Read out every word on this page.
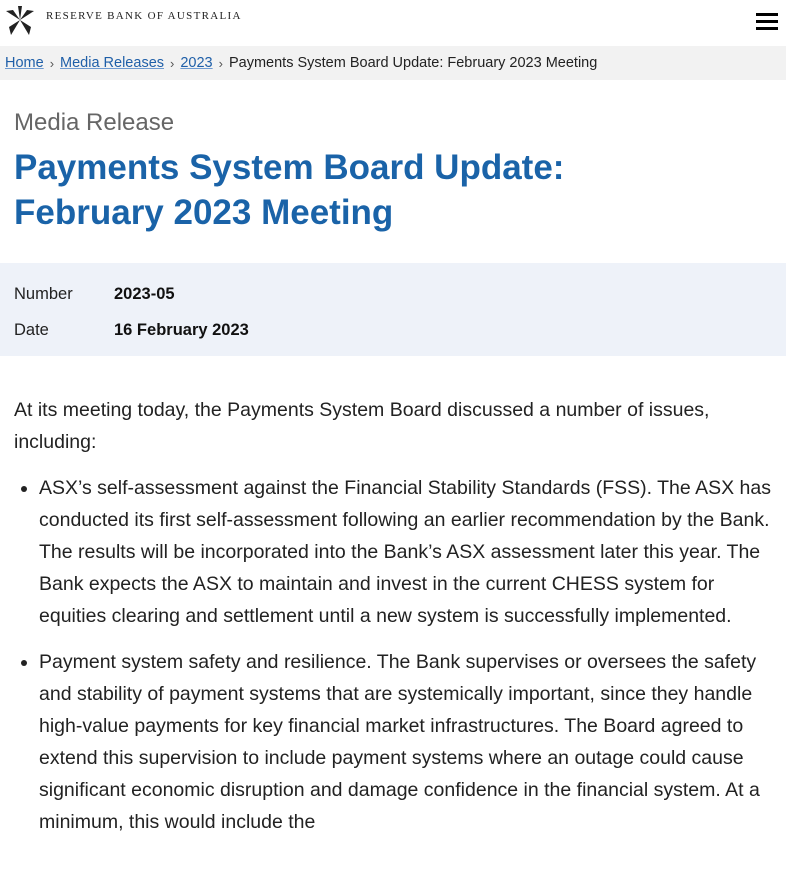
RESERVE BANK OF AUSTRALIA
Home › Media Releases › 2023 › Payments System Board Update: February 2023 Meeting
Media Release
Payments System Board Update:
February 2023 Meeting
Number	2023-05
Date	16 February 2023

At its meeting today, the Payments System Board discussed a number of issues, including:

• ASX’s self-assessment against the Financial Stability Standards (FSS). The ASX has conducted its first self-assessment following an earlier recommendation by the Bank. The results will be incorporated into the Bank’s ASX assessment later this year. The Bank expects the ASX to maintain and invest in the current CHESS system for equities clearing and settlement until a new system is successfully implemented.
• Payment system safety and resilience. The Bank supervises or oversees the safety and stability of payment systems that are systemically important, since they handle high-value payments for key financial market infrastructures. The Board agreed to extend this supervision to include payment systems where an outage could cause significant economic disruption and damage confidence in the financial system. At a minimum, this would include the
